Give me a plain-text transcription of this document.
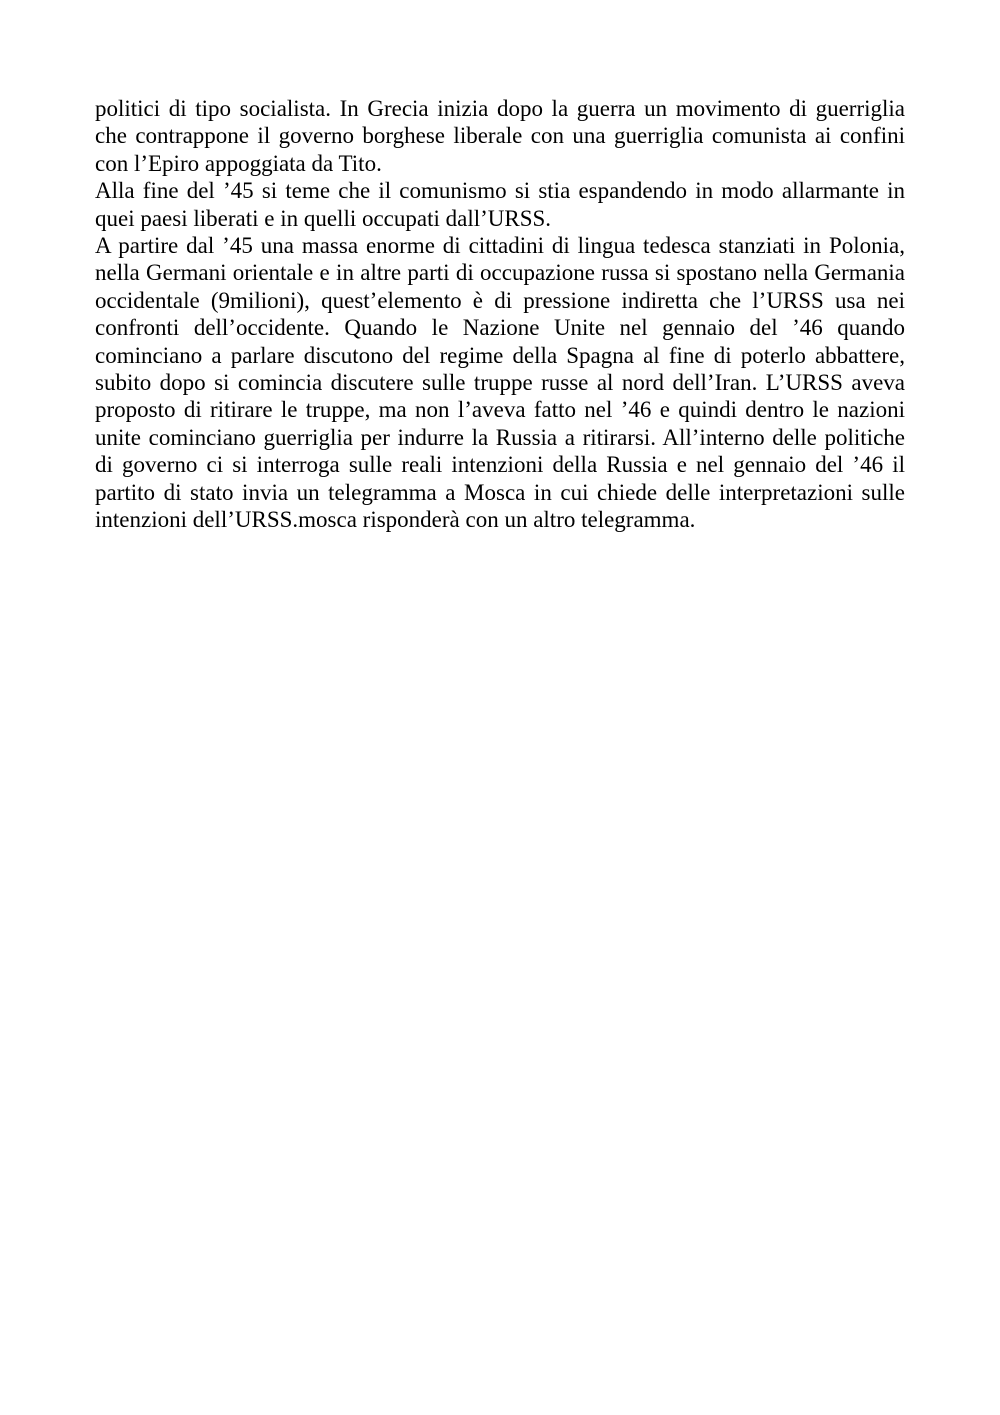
politici di tipo socialista. In Grecia inizia dopo la guerra un movimento di guerriglia che contrappone il governo borghese liberale con una guerriglia comunista ai confini con l’Epiro appoggiata da Tito.

Alla fine del ’45 si teme che il comunismo si stia espandendo in modo allarmante in quei paesi liberati e in quelli occupati dall’URSS.

A partire dal ’45 una massa enorme di cittadini di lingua tedesca stanziati in Polonia, nella Germani orientale e in altre parti di occupazione russa si spostano nella Germania occidentale (9milioni), quest’elemento è di pressione indiretta che l’URSS usa nei confronti dell’occidente. Quando le Nazione Unite nel gennaio del ’46 quando cominciano a parlare discutono del regime della Spagna al fine di poterlo abbattere, subito dopo si comincia discutere sulle truppe russe al nord dell’Iran. L’URSS aveva proposto di ritirare le truppe, ma non l’aveva fatto nel ’46 e quindi dentro le nazioni unite cominciano guerriglia per indurre la Russia a ritirarsi. All’interno delle politiche di governo ci si interroga sulle reali intenzioni della Russia e nel gennaio del ’46 il partito di stato invia un telegramma a Mosca in cui chiede delle interpretazioni sulle intenzioni dell’URSS.mosca risponderà con un altro telegramma.
